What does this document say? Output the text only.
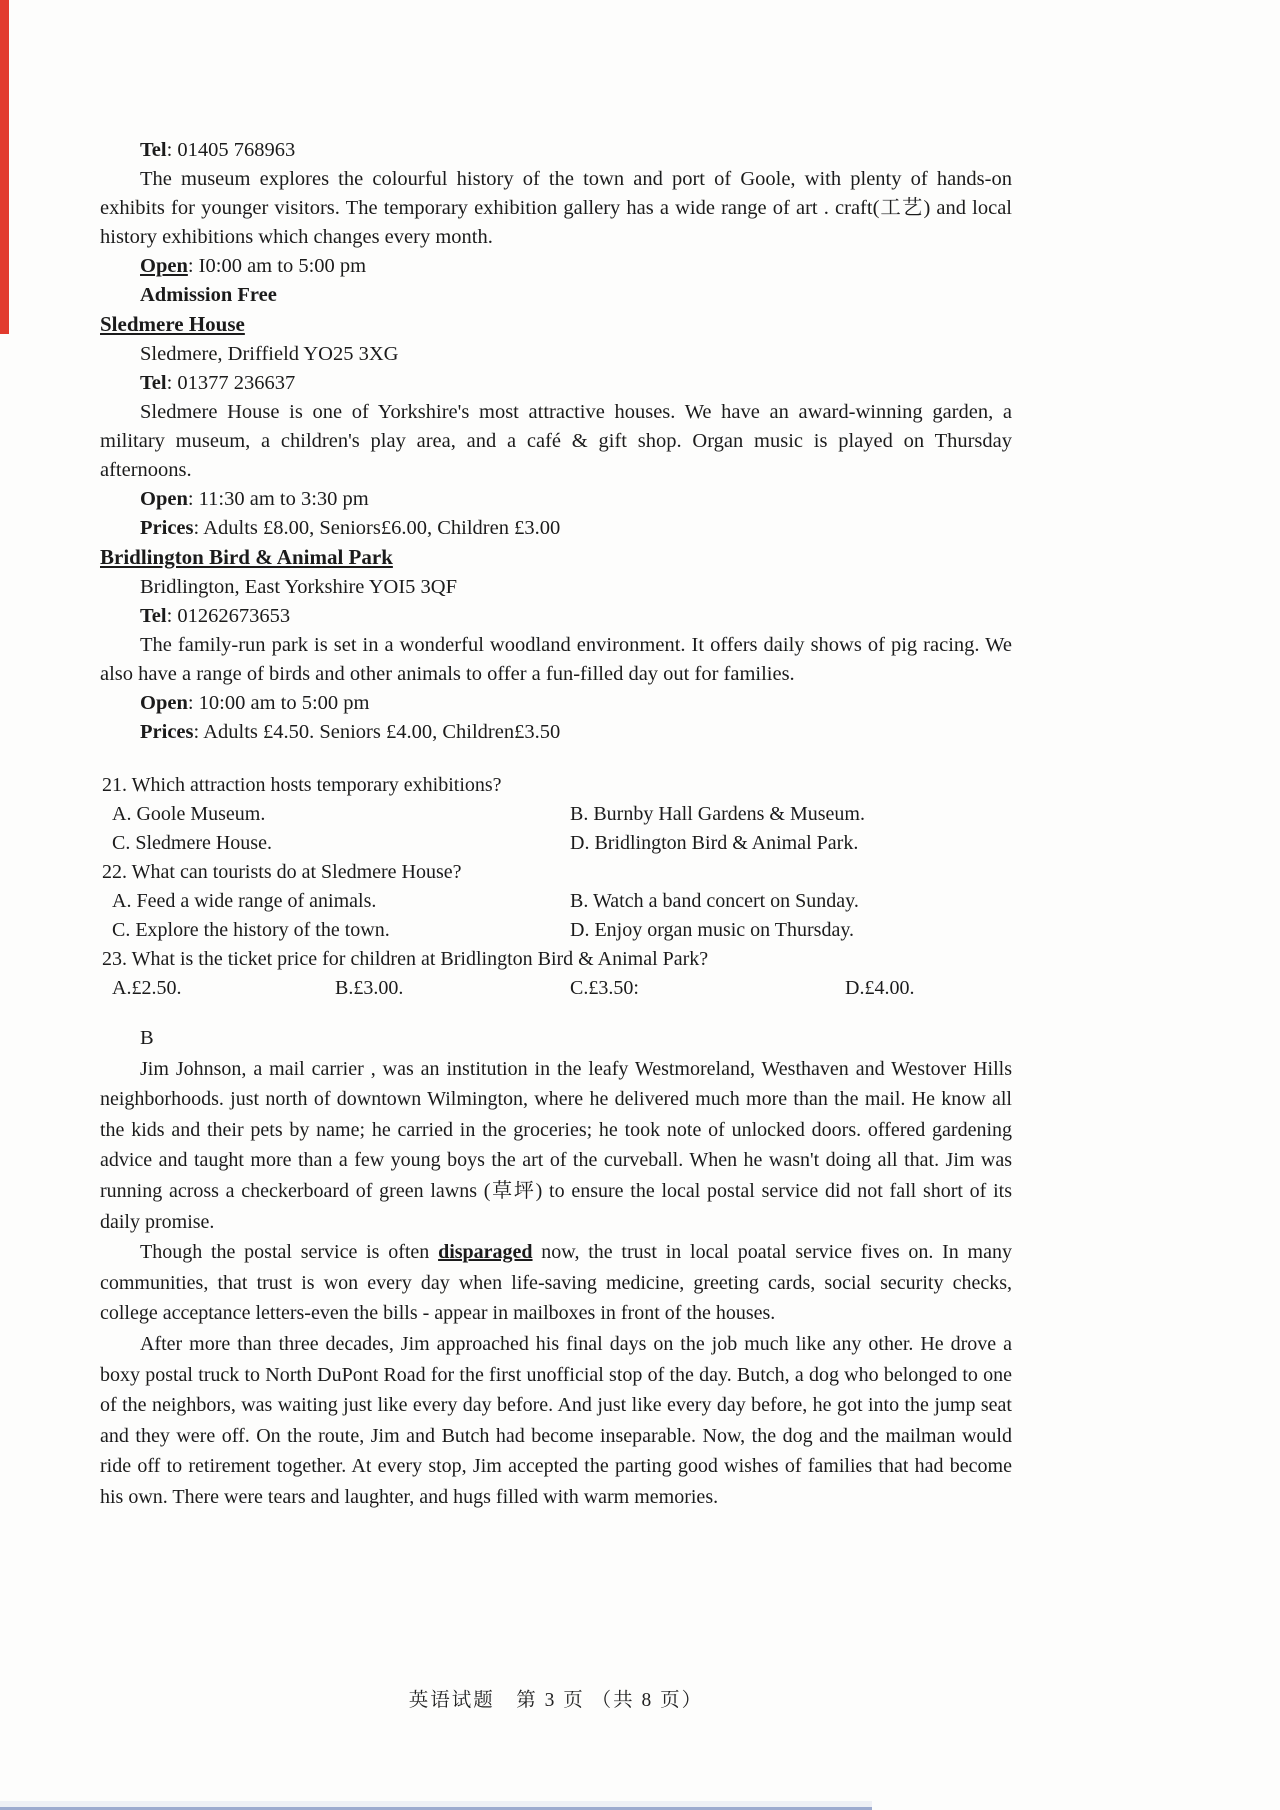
Tel: 01405 768963

The museum explores the colourful history of the town and port of Goole, with plenty of hands-on exhibits for younger visitors. The temporary exhibition gallery has a wide range of art . craft(工艺) and local history exhibitions which changes every month.

Open: I0:00 am to 5:00 pm
Admission Free
Sledmere House
Sledmere, Driffield YO25 3XG
Tel: 01377 236637

Sledmere House is one of Yorkshire's most attractive houses. We have an award-winning garden, a military museum, a children's play area, and a café & gift shop. Organ music is played on Thursday afternoons.

Open: 11:30 am to 3:30 pm
Prices: Adults £8.00, Seniors£6.00, Children £3.00
Bridlington Bird & Animal Park
Bridlington, East Yorkshire YOI5 3QF
Tel: 01262673653

The family-run park is set in a wonderful woodland environment. It offers daily shows of pig racing. We also have a range of birds and other animals to offer a fun-filled day out for families.

Open: 10:00 am to 5:00 pm
Prices: Adults £4.50. Seniors £4.00, Children£3.50
21. Which attraction hosts temporary exhibitions?
A. Goole Museum.	B. Burnby Hall Gardens & Museum.
C. Sledmere House.	D. Bridlington Bird & Animal Park.
22. What can tourists do at Sledmere House?
A. Feed a wide range of animals.	B. Watch a band concert on Sunday.
C. Explore the history of the town.	D. Enjoy organ music on Thursday.
23. What is the ticket price for children at Bridlington Bird & Animal Park?
A.£2.50.	B.£3.00.	C.£3.50:	D.£4.00.

B

Jim Johnson, a mail carrier , was an institution in the leafy Westmoreland, Westhaven and Westover Hills neighborhoods. just north of downtown Wilmington, where he delivered much more than the mail. He know all the kids and their pets by name; he carried in the groceries; he took note of unlocked doors. offered gardening advice and taught more than a few young boys the art of the curveball. When he wasn't doing all that. Jim was running across a checkerboard of green lawns (草坪) to ensure the local postal service did not fall short of its daily promise.

Though the postal service is often disparaged now, the trust in local poatal service fives on. In many communities, that trust is won every day when life-saving medicine, greeting cards, social security checks, college acceptance letters-even the bills - appear in mailboxes in front of the houses.

After more than three decades, Jim approached his final days on the job much like any other. He drove a boxy postal truck to North DuPont Road for the first unofficial stop of the day. Butch, a dog who belonged to one of the neighbors, was waiting just like every day before. And just like every day before, he got into the jump seat and they were off. On the route, Jim and Butch had become inseparable. Now, the dog and the mailman would ride off to retirement together. At every stop, Jim accepted the parting good wishes of families that had become his own. There were tears and laughter, and hugs filled with warm memories.

英语试题　第 3 页 （共 8 页）
